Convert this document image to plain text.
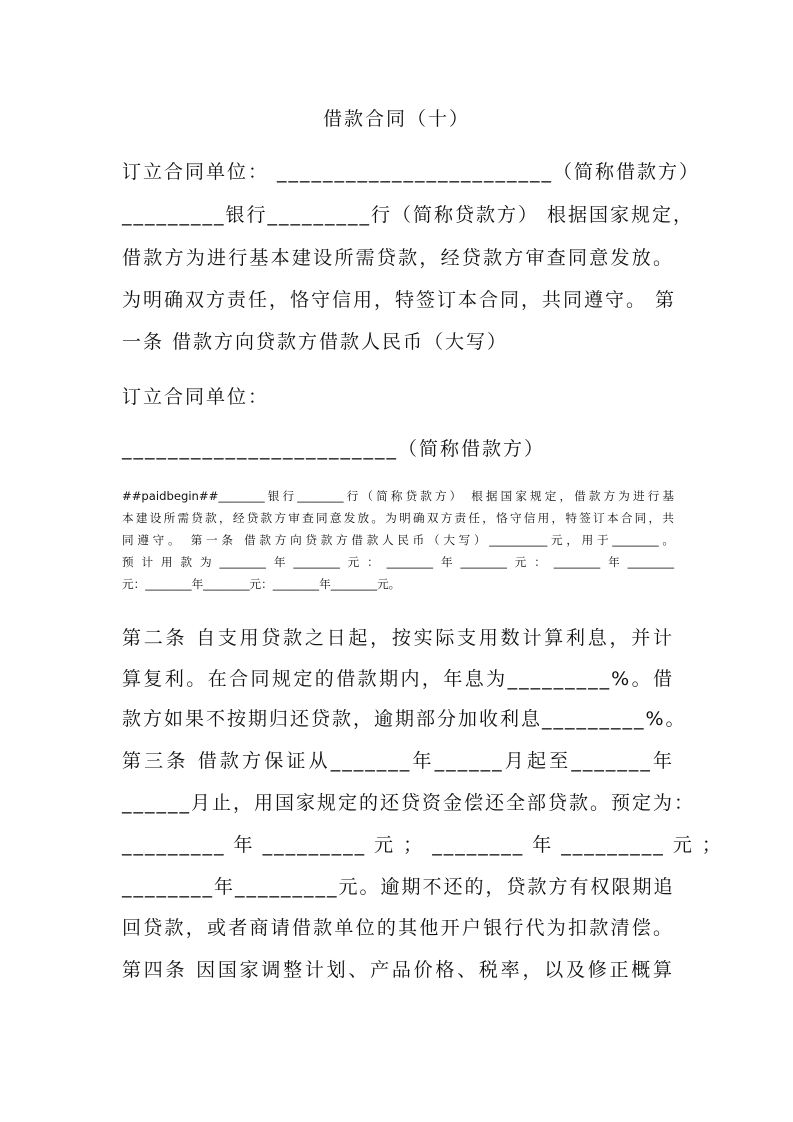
借款合同（十）
订立合同单位： ________________________（简称借款方）
_________银行_________行（简称贷款方） 根据国家规定，
借款方为进行基本建设所需贷款，经贷款方审查同意发放。
为明确双方责任，恪守信用，特签订本合同，共同遵守。 第
一条 借款方向贷款方借款人民币（大写）
订立合同单位：
________________________（简称借款方）
##paidbegin##________银行________行（简称贷款方） 根据国家规定，借款方为进行基
本建设所需贷款，经贷款方审查同意发放。为明确双方责任，恪守信用，特签订本合同，共
同遵守。 第一条 借款方向贷款方借款人民币（大写）__________元，用于________。
预计用款为________年________元：________年________元：________年________
元：________年________元：________年________元。
第二条 自支用贷款之日起，按实际支用数计算利息，并计
算复利。在合同规定的借款期内，年息为_________%。借
款方如果不按期归还贷款，逾期部分加收利息_________%。
第三条 借款方保证从_______年______月起至_______年
______月止，用国家规定的还贷资金偿还全部贷款。预定为：
_________ 年 _________ 元 ； ________ 年 _________ 元 ；
________年_________元。逾期不还的，贷款方有权限期追
回贷款，或者商请借款单位的其他开户银行代为扣款清偿。
第四条 因国家调整计划、产品价格、税率，以及修正概算
